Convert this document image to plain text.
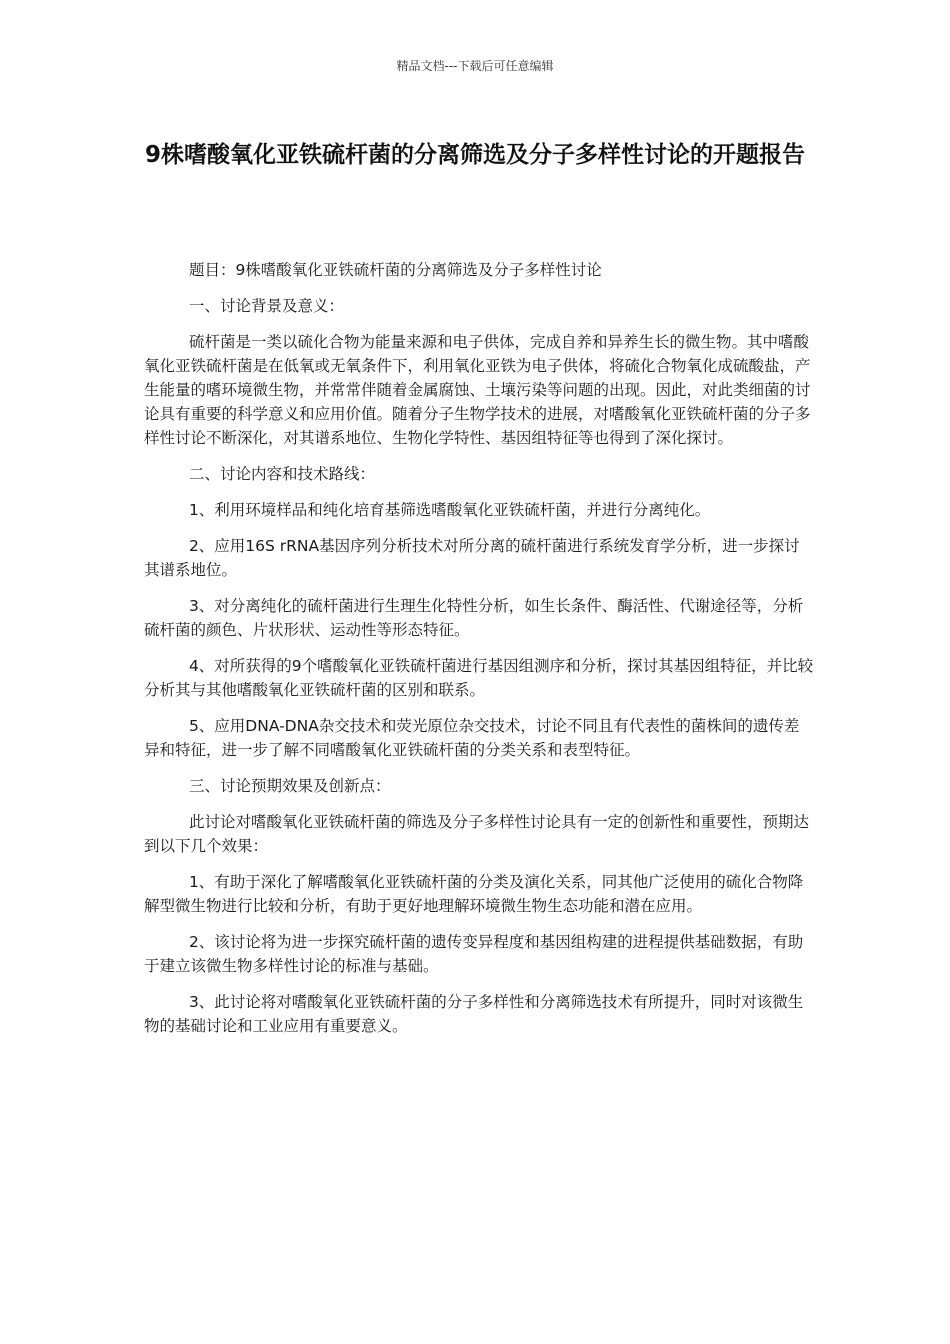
精品文档---下载后可任意编辑
9株嗜酸氧化亚铁硫杆菌的分离筛选及分子多样性讨论的开题报告

题目：9株嗜酸氧化亚铁硫杆菌的分离筛选及分子多样性讨论

一、讨论背景及意义：

硫杆菌是一类以硫化合物为能量来源和电子供体，完成自养和异养生长的微生物。其中嗜酸氧化亚铁硫杆菌是在低氧或无氧条件下，利用氧化亚铁为电子供体，将硫化合物氧化成硫酸盐，产生能量的嗜环境微生物，并常常伴随着金属腐蚀、土壤污染等问题的出现。因此，对此类细菌的讨论具有重要的科学意义和应用价值。随着分子生物学技术的进展，对嗜酸氧化亚铁硫杆菌的分子多样性讨论不断深化，对其谱系地位、生物化学特性、基因组特征等也得到了深化探讨。

二、讨论内容和技术路线：

1、利用环境样品和纯化培育基筛选嗜酸氧化亚铁硫杆菌，并进行分离纯化。

2、应用16S rRNA基因序列分析技术对所分离的硫杆菌进行系统发育学分析，进一步探讨其谱系地位。

3、对分离纯化的硫杆菌进行生理生化特性分析，如生长条件、酶活性、代谢途径等，分析硫杆菌的颜色、片状形状、运动性等形态特征。

4、对所获得的9个嗜酸氧化亚铁硫杆菌进行基因组测序和分析，探讨其基因组特征，并比较分析其与其他嗜酸氧化亚铁硫杆菌的区别和联系。

5、应用DNA-DNA杂交技术和荧光原位杂交技术，讨论不同且有代表性的菌株间的遗传差异和特征，进一步了解不同嗜酸氧化亚铁硫杆菌的分类关系和表型特征。

三、讨论预期效果及创新点：

此讨论对嗜酸氧化亚铁硫杆菌的筛选及分子多样性讨论具有一定的创新性和重要性，预期达到以下几个效果：

1、有助于深化了解嗜酸氧化亚铁硫杆菌的分类及演化关系，同其他广泛使用的硫化合物降解型微生物进行比较和分析，有助于更好地理解环境微生物生态功能和潜在应用。

2、该讨论将为进一步探究硫杆菌的遗传变异程度和基因组构建的进程提供基础数据，有助于建立该微生物多样性讨论的标准与基础。

3、此讨论将对嗜酸氧化亚铁硫杆菌的分子多样性和分离筛选技术有所提升，同时对该微生物的基础讨论和工业应用有重要意义。
